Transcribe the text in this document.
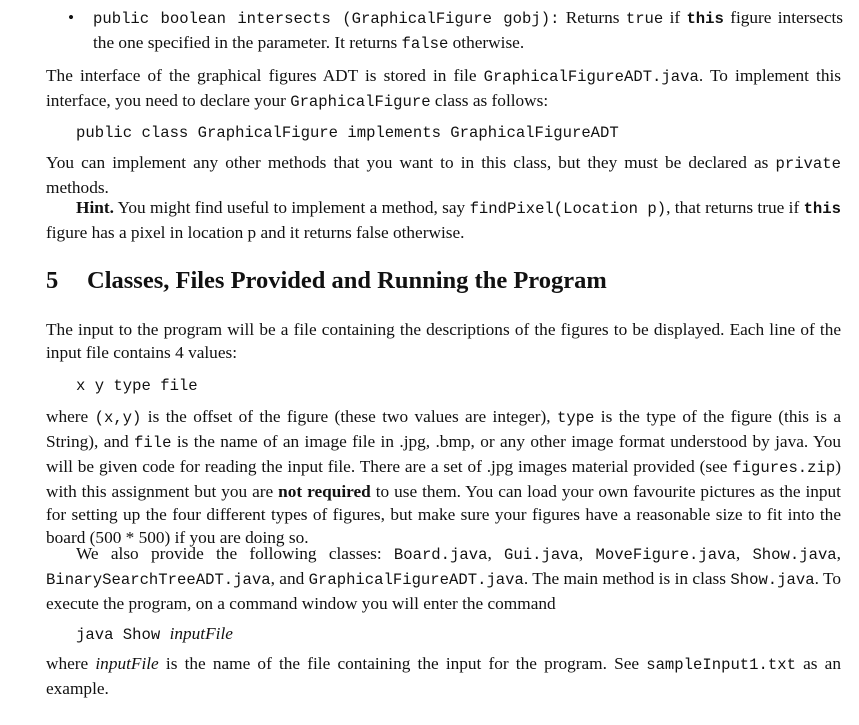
• public boolean intersects (GraphicalFigure gobj): Returns true if this figure intersects the one specified in the parameter. It returns false otherwise.

The interface of the graphical figures ADT is stored in file GraphicalFigureADT.java. To implement this interface, you need to declare your GraphicalFigure class as follows:

public class GraphicalFigure implements GraphicalFigureADT

You can implement any other methods that you want to in this class, but they must be declared as private methods.

Hint. You might find useful to implement a method, say findPixel(Location p), that returns true if this figure has a pixel in location p and it returns false otherwise.

5 Classes, Files Provided and Running the Program

The input to the program will be a file containing the descriptions of the figures to be displayed. Each line of the input file contains 4 values:

x y type file

where (x,y) is the offset of the figure (these two values are integer), type is the type of the figure (this is a String), and file is the name of an image file in .jpg, .bmp, or any other image format understood by java. You will be given code for reading the input file. There are a set of .jpg images material provided (see figures.zip) with this assignment but you are not required to use them. You can load your own favourite pictures as the input for setting up the four different types of figures, but make sure your figures have a reasonable size to fit into the board (500 * 500) if you are doing so.

We also provide the following classes: Board.java, Gui.java, MoveFigure.java, Show.java, BinarySearchTreeADT.java, and GraphicalFigureADT.java. The main method is in class Show.java. To execute the program, on a command window you will enter the command

java Show inputFile

where inputFile is the name of the file containing the input for the program. See sampleInput1.txt as an example.
